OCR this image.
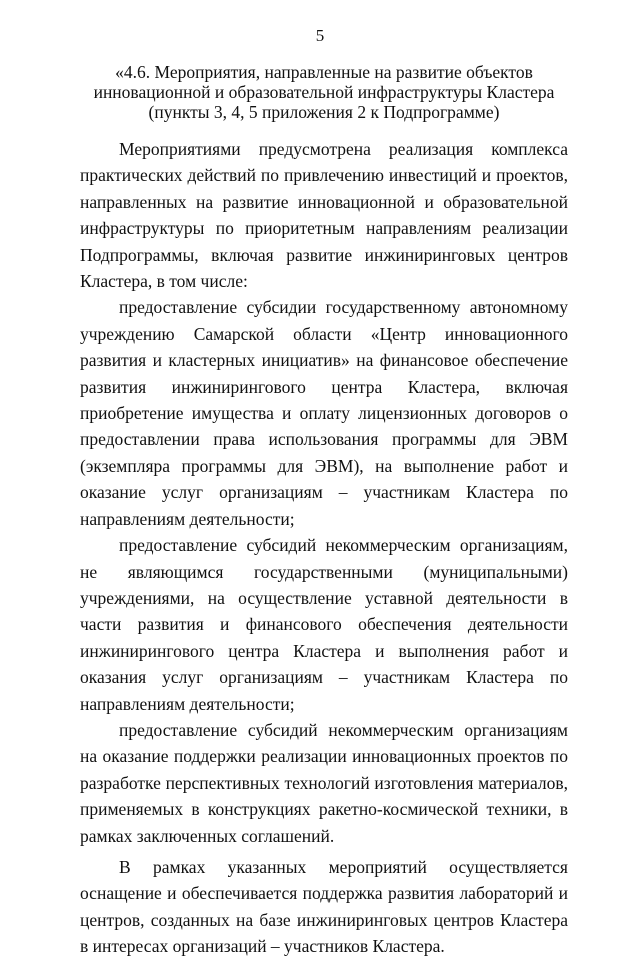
5
«4.6. Мероприятия, направленные на развитие объектов
инновационной и образовательной инфраструктуры Кластера
(пункты 3, 4, 5 приложения 2 к Подпрограмме)

Мероприятиями предусмотрена реализация комплекса практических действий по привлечению инвестиций и проектов, направленных на развитие инновационной и образовательной инфраструктуры по приоритетным направлениям реализации Подпрограммы, включая развитие инжиниринговых центров Кластера, в том числе:

предоставление субсидии государственному автономному учреждению Самарской области «Центр инновационного развития и кластерных инициатив» на финансовое обеспечение развития инжинирингового центра Кластера, включая приобретение имущества и оплату лицензионных договоров о предоставлении права использования программы для ЭВМ (экземпляра программы для ЭВМ), на выполнение работ и оказание услуг организациям – участникам Кластера по направлениям деятельности;

предоставление субсидий некоммерческим организациям, не являющимся государственными (муниципальными) учреждениями, на осуществление уставной деятельности в части развития и финансового обеспечения деятельности инжинирингового центра Кластера и выполнения работ и оказания услуг организациям – участникам Кластера по направлениям деятельности;

предоставление субсидий некоммерческим организациям на оказание поддержки реализации инновационных проектов по разработке перспективных технологий изготовления материалов, применяемых в конструкциях ракетно-космической техники, в рамках заключенных соглашений.

В рамках указанных мероприятий осуществляется оснащение и обеспечивается поддержка развития лабораторий и центров, созданных на базе инжиниринговых центров Кластера в интересах организаций – участников Кластера.
